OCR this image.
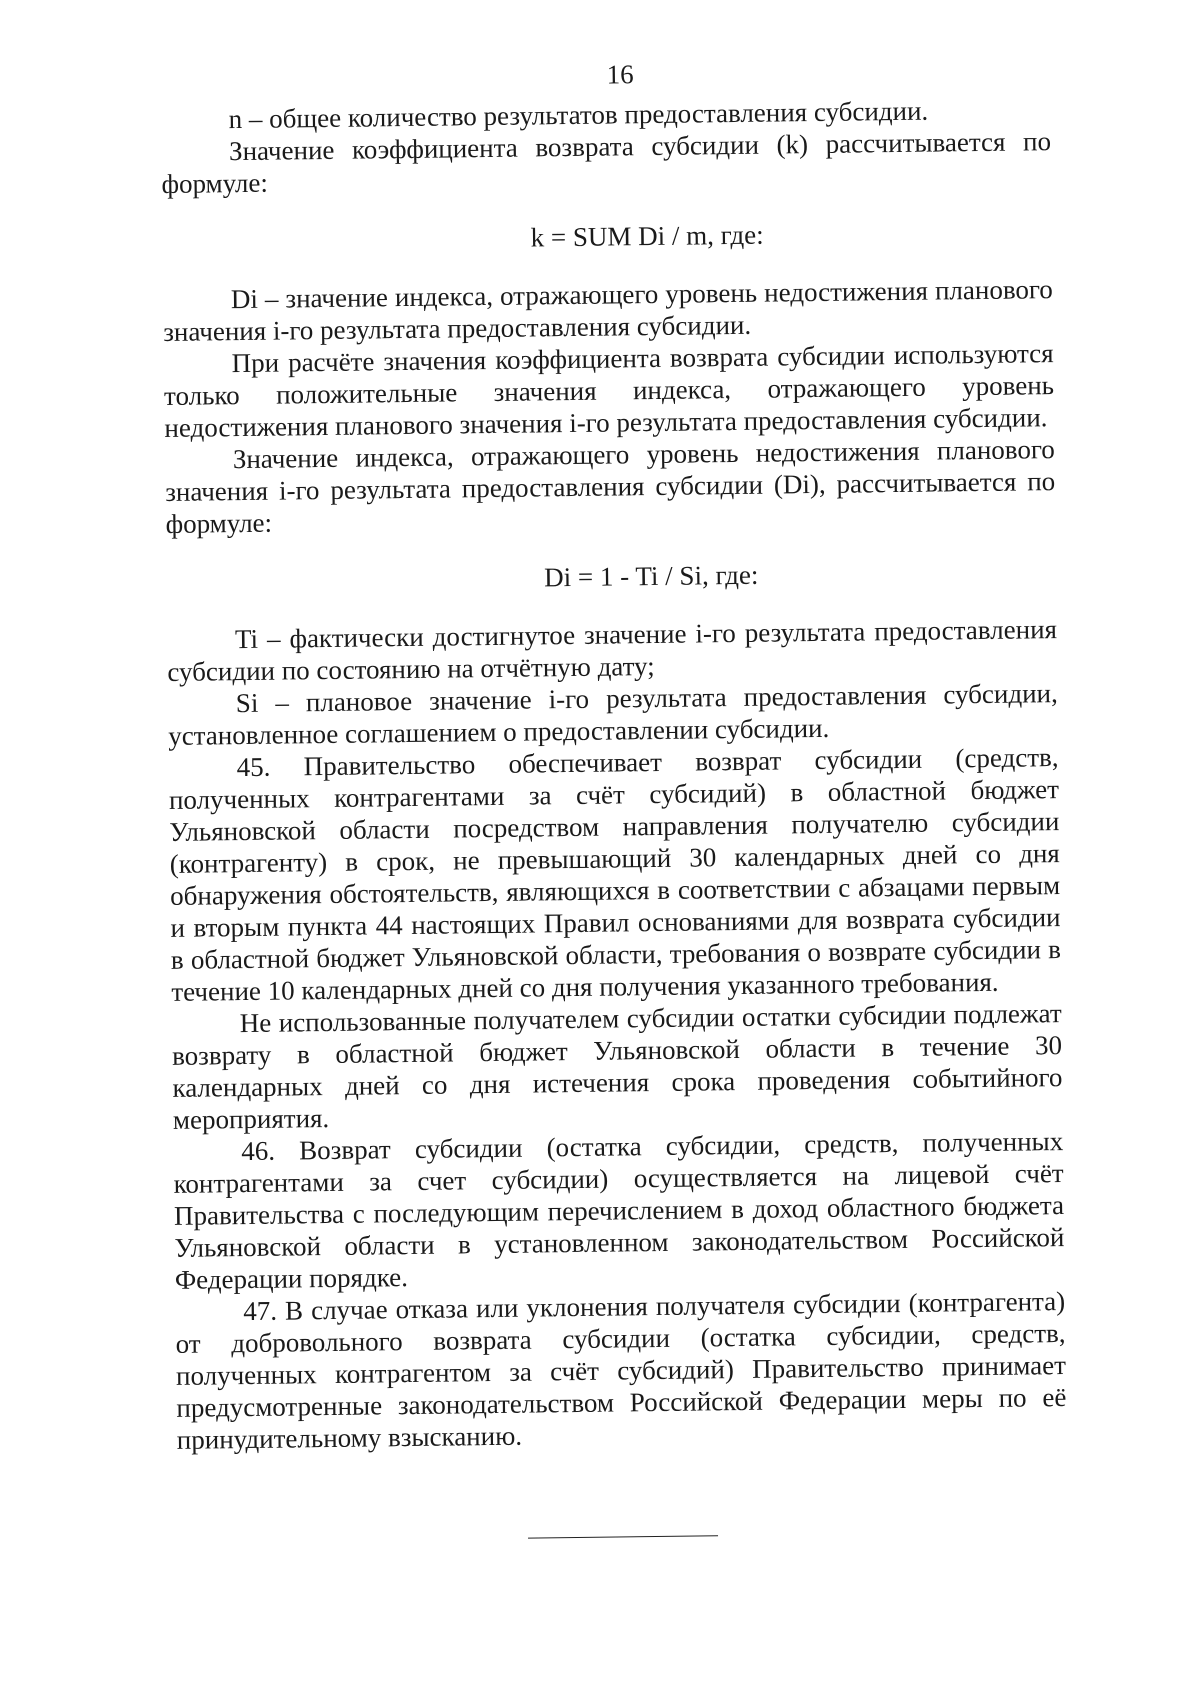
16

n – общее количество результатов предоставления субсидии.

Значение коэффициента возврата субсидии (k) рассчитывается по формуле:

k = SUM Di / m, где:

Di – значение индекса, отражающего уровень недостижения планового значения i-го результата предоставления субсидии.

При расчёте значения коэффициента возврата субсидии используются только положительные значения индекса, отражающего уровень недостижения планового значения i-го результата предоставления субсидии.

Значение индекса, отражающего уровень недостижения планового значения i-го результата предоставления субсидии (Di), рассчитывается по формуле:

Di = 1 - Ti / Si, где:

Ti – фактически достигнутое значение i-го результата предоставления субсидии по состоянию на отчётную дату;

Si – плановое значение i-го результата предоставления субсидии, установленное соглашением о предоставлении субсидии.

45. Правительство обеспечивает возврат субсидии (средств, полученных контрагентами за счёт субсидий) в областной бюджет Ульяновской области посредством направления получателю субсидии (контрагенту) в срок, не превышающий 30 календарных дней со дня обнаружения обстоятельств, являющихся в соответствии с абзацами первым и вторым пункта 44 настоящих Правил основаниями для возврата субсидии в областной бюджет Ульяновской области, требования о возврате субсидии в течение 10 календарных дней со дня получения указанного требования.

Не использованные получателем субсидии остатки субсидии подлежат возврату в областной бюджет Ульяновской области в течение 30 календарных дней со дня истечения срока проведения событийного мероприятия.

46. Возврат субсидии (остатка субсидии, средств, полученных контрагентами за счет субсидии) осуществляется на лицевой счёт Правительства с последующим перечислением в доход областного бюджета Ульяновской области в установленном законодательством Российской Федерации порядке.

47. В случае отказа или уклонения получателя субсидии (контрагента) от добровольного возврата субсидии (остатка субсидии, средств, полученных контрагентом за счёт субсидий) Правительство принимает предусмотренные законодательством Российской Федерации меры по её принудительному взысканию.
